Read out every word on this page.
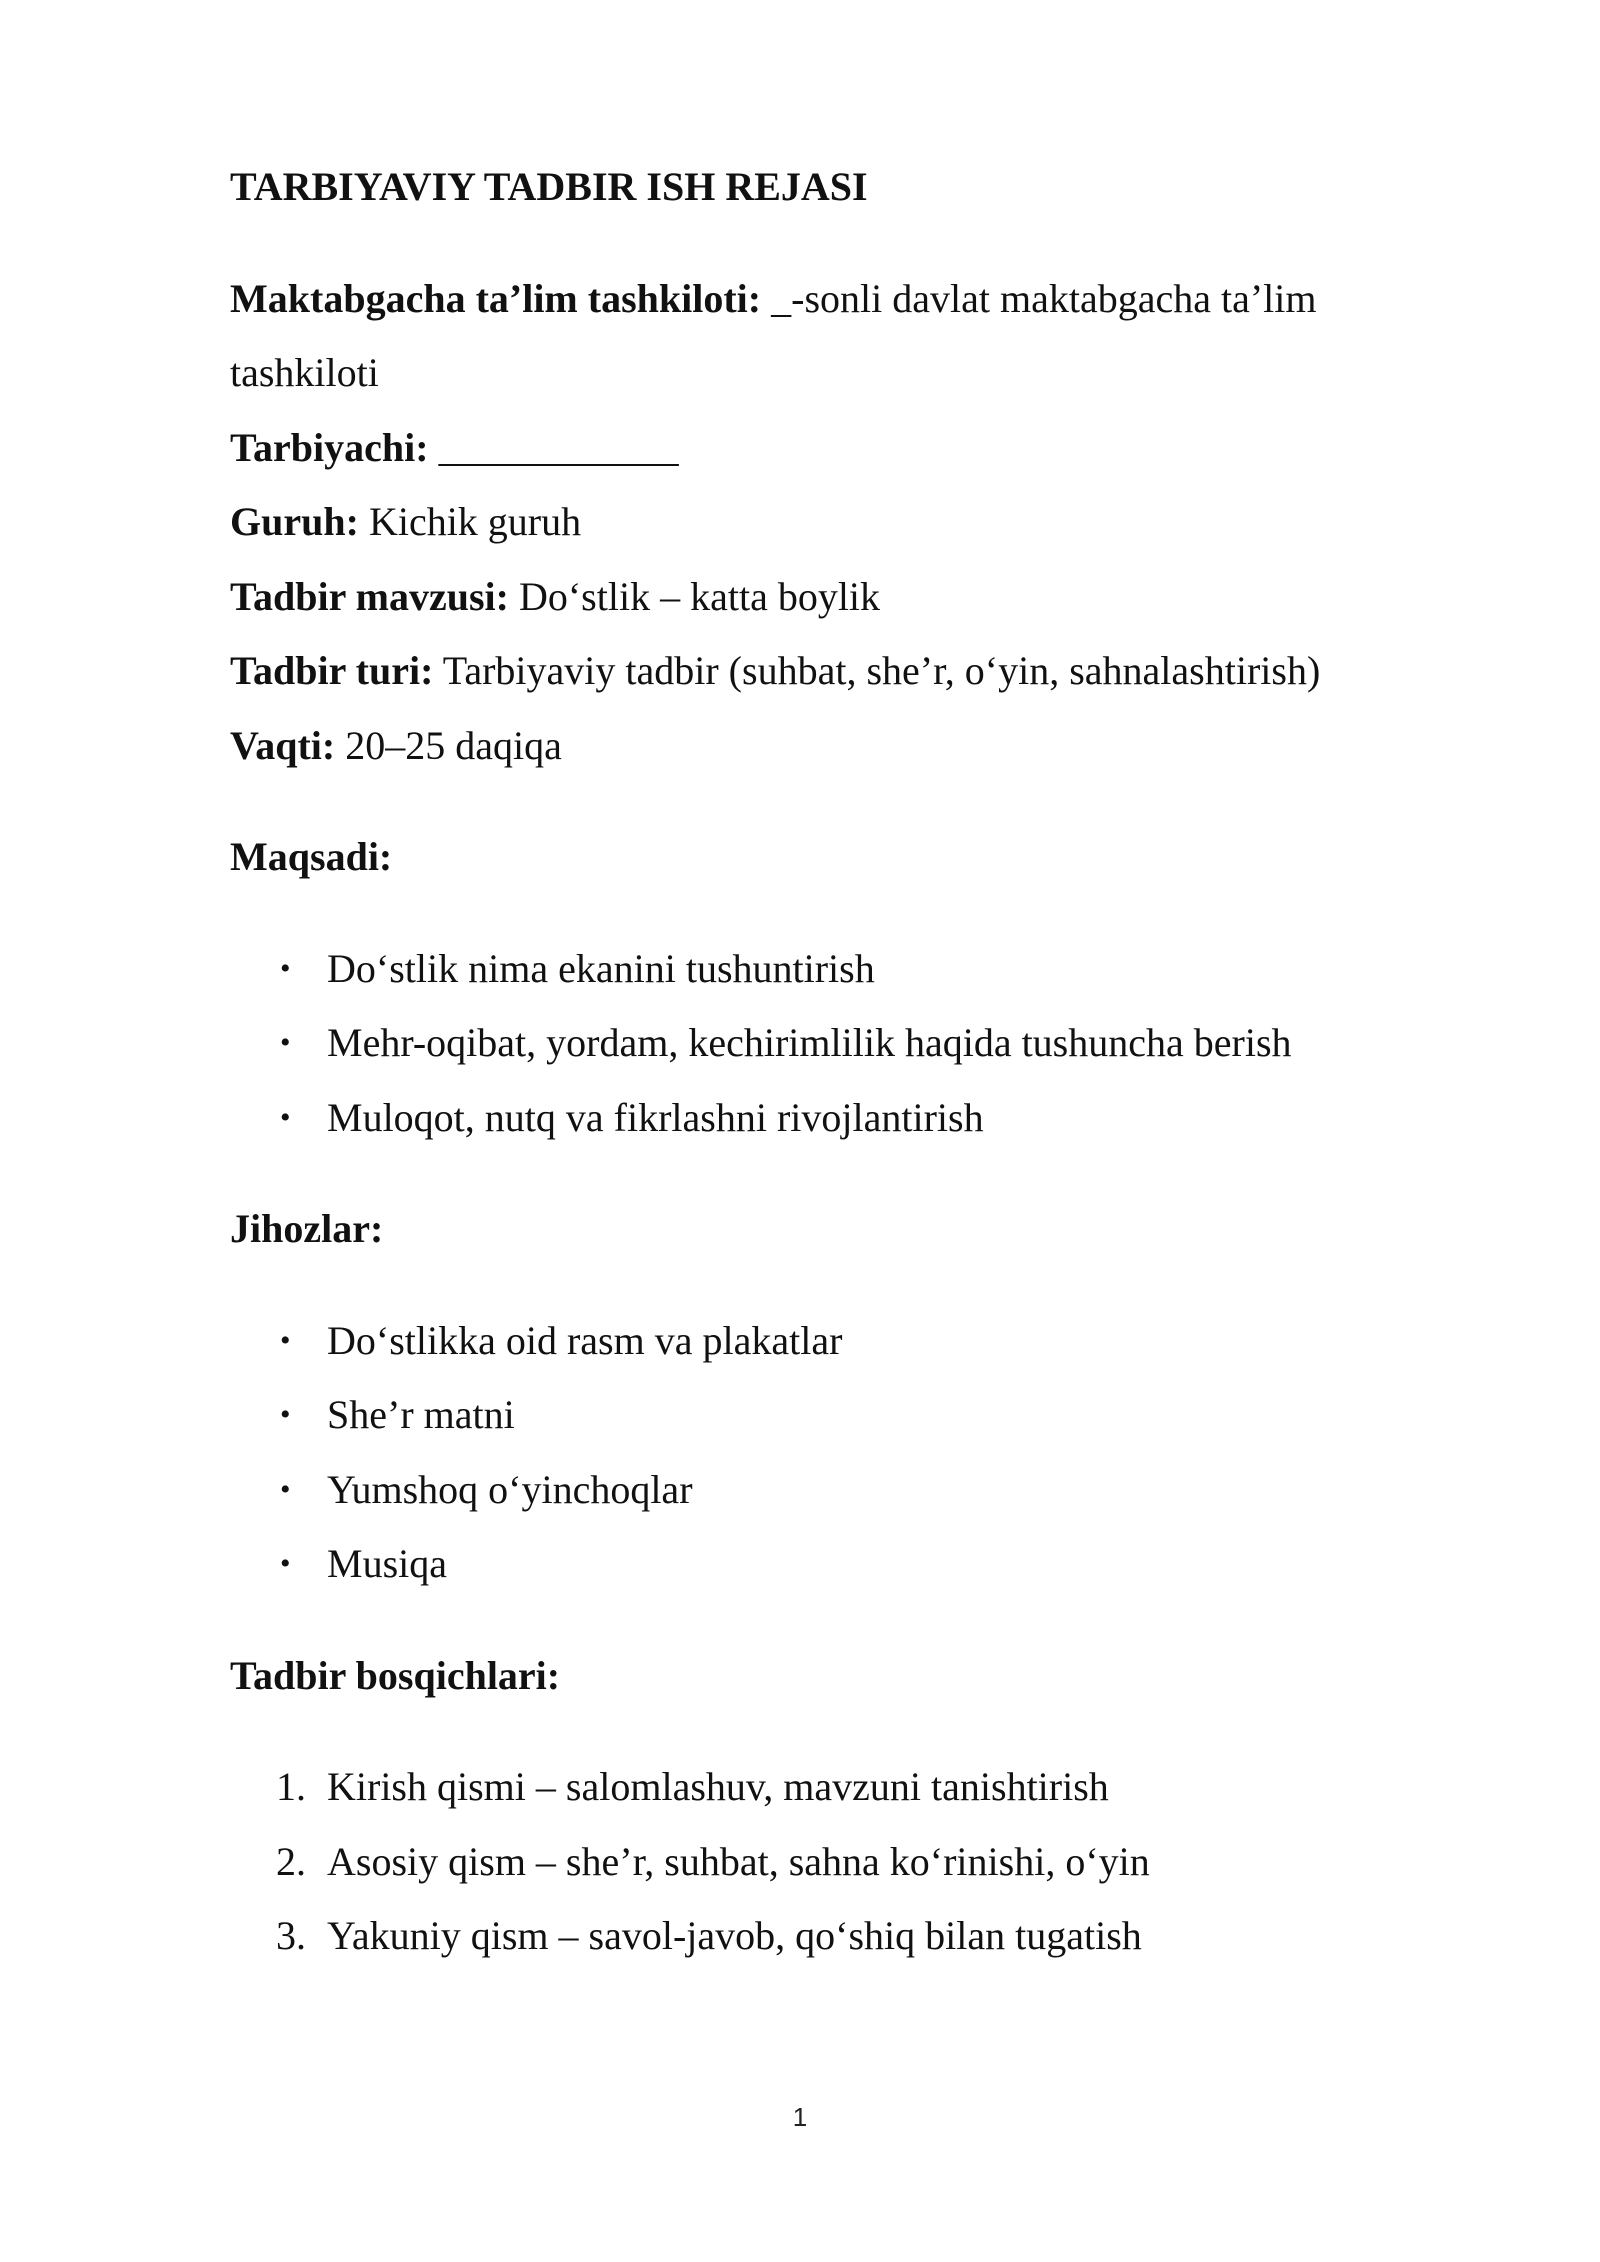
TARBIYAVIY TADBIR ISH REJASI

Maktabgacha ta’lim tashkiloti: _-sonli davlat maktabgacha ta’lim tashkiloti

Tarbiyachi: ____________

Guruh: Kichik guruh

Tadbir mavzusi: Do‘stlik – katta boylik

Tadbir turi: Tarbiyaviy tadbir (suhbat, she’r, o‘yin, sahnalashtirish)

Vaqti: 20–25 daqiqa

Maqsadi:

• Do‘stlik nima ekanini tushuntirish
• Mehr-oqibat, yordam, kechirimlilik haqida tushuncha berish
• Muloqot, nutq va fikrlashni rivojlantirish

Jihozlar:

• Do‘stlikka oid rasm va plakatlar
• She’r matni
• Yumshoq o‘yinchoqlar
• Musiqa

Tadbir bosqichlari:

1. Kirish qismi – salomlashuv, mavzuni tanishtirish
2. Asosiy qism – she’r, suhbat, sahna ko‘rinishi, o‘yin
3. Yakuniy qism – savol-javob, qo‘shiq bilan tugatish
1
